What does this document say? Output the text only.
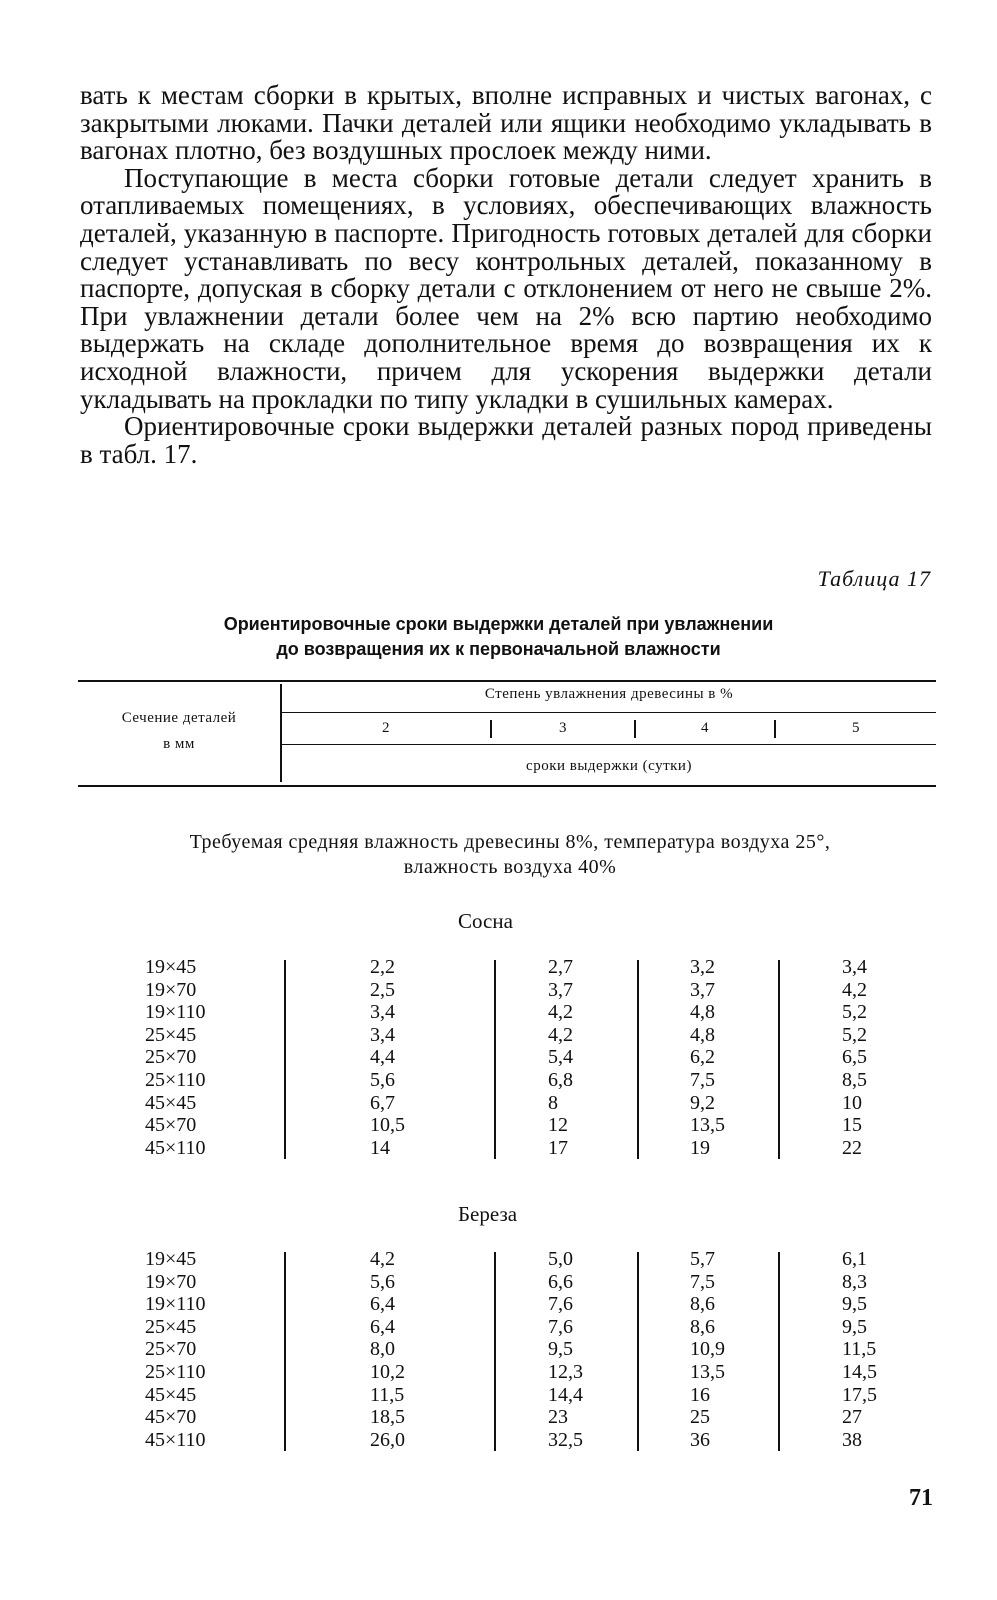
вать к местам сборки в крытых, вполне исправных и чистых вагонах, с закрытыми люками. Пачки деталей или ящики необходимо укладывать в вагонах плотно, без воздушных прослоек между ними.

Поступающие в места сборки готовые детали следует хранить в отапливаемых помещениях, в условиях, обеспечивающих влажность деталей, указанную в паспорте. Пригодность готовых деталей для сборки следует устанавливать по весу контрольных деталей, показанному в паспорте, допуская в сборку детали с отклонением от него не свыше 2%. При увлажнении детали более чем на 2% всю партию необходимо выдержать на складе дополнительное время до возвращения их к исходной влажности, причем для ускорения выдержки детали укладывать на прокладки по типу укладки в сушильных камерах.

Ориентировочные сроки выдержки деталей разных пород приведены в табл. 17.

Таблица 17
Ориентировочные сроки выдержки деталей при увлажнении
до возвращения их к первоначальной влажности
Сечение деталей
в мм
Степень увлажнения древесины в %
2	3	4	5
сроки выдержки (сутки)
Требуемая средняя влажность древесины 8%, температура воздуха 25°,
влажность воздуха 40%
Сосна
19×45	2,2	2,7	3,2	3,4
19×70	2,5	3,7	3,7	4,2
19×110	3,4	4,2	4,8	5,2
25×45	3,4	4,2	4,8	5,2
25×70	4,4	5,4	6,2	6,5
25×110	5,6	6,8	7,5	8,5
45×45	6,7	8	9,2	10
45×70	10,5	12	13,5	15
45×110	14	17	19	22
Береза
19×45	4,2	5,0	5,7	6,1
19×70	5,6	6,6	7,5	8,3
19×110	6,4	7,6	8,6	9,5
25×45	6,4	7,6	8,6	9,5
25×70	8,0	9,5	10,9	11,5
25×110	10,2	12,3	13,5	14,5
45×45	11,5	14,4	16	17,5
45×70	18,5	23	25	27
45×110	26,0	32,5	36	38
71
